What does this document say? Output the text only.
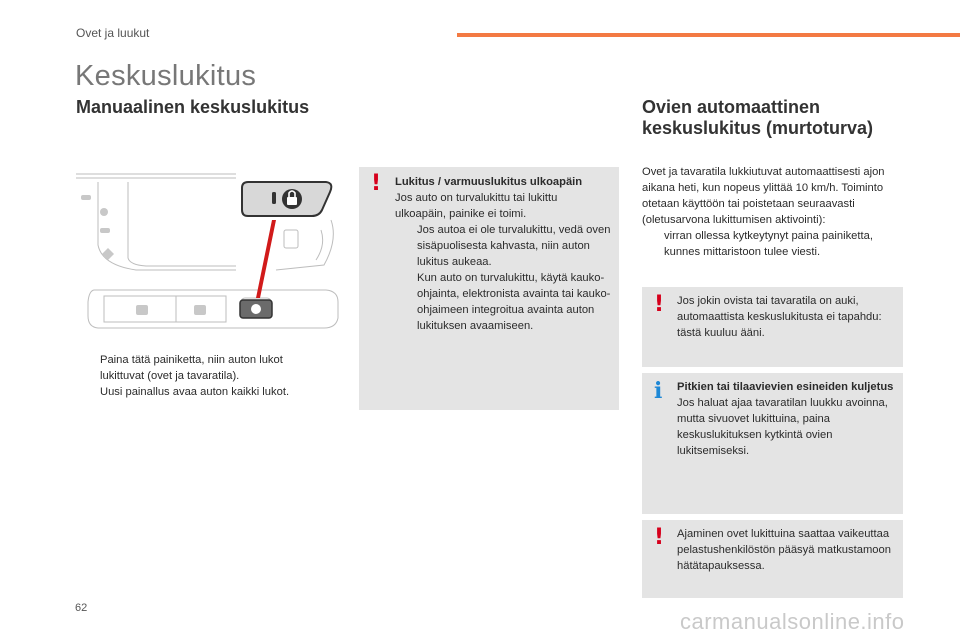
Ovet ja luukut
Keskuslukitus
Manuaalinen keskuslukitus	Ovien automaattinen
keskuslukitus (murtoturva)
Paina tätä painiketta, niin auton lukot lukittuvat (ovet ja tavaratila).
Uusi painallus avaa auton kaikki lukot.
! Lukitus / varmuuslukitus ulkoapäin
Jos auto on turvalukittu tai lukittu ulkoapäin, painike ei toimi.
Jos autoa ei ole turvalukittu, vedä oven sisäpuolisesta kahvasta, niin auton lukitus aukeaa.
Kun auto on turvalukittu, käytä kauko-ohjainta, elektronista avainta tai kauko-ohjaimeen integroitua avainta auton lukituksen avaamiseen.
Ovet ja tavaratila lukkiutuvat automaattisesti ajon aikana heti, kun nopeus ylittää 10 km/h. Toiminto otetaan käyttöön tai poistetaan seuraavasti (oletusarvona lukittumisen aktivointi):
virran ollessa kytkeytynyt paina painiketta, kunnes mittaristoon tulee viesti.
! Jos jokin ovista tai tavaratila on auki, automaattista keskuslukitusta ei tapahdu: tästä kuuluu ääni.
i Pitkien tai tilaavievien esineiden kuljetus
Jos haluat ajaa tavaratilan luukku avoinna, mutta sivuovet lukittuina, paina keskuslukituksen kytkintä ovien lukitsemiseksi.
! Ajaminen ovet lukittuina saattaa vaikeuttaa pelastushenkilöstön pääsyä matkustamoon hätätapauksessa.
62
carmanualsonline.info
